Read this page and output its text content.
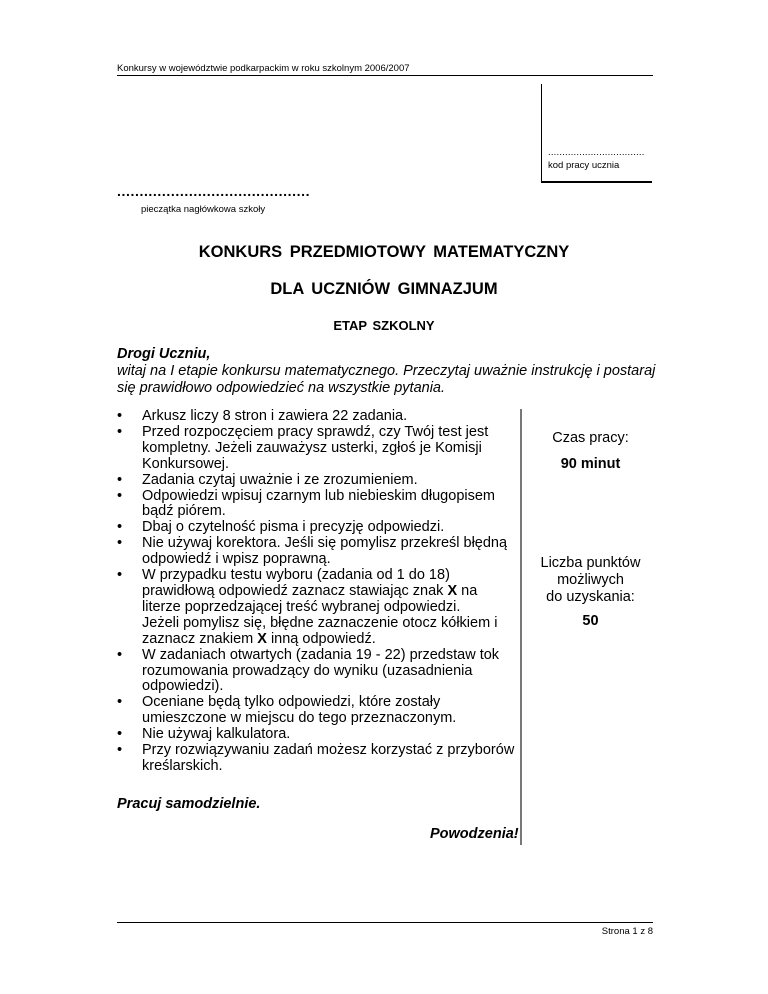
Konkursy w województwie podkarpackim w roku szkolnym 2006/2007
..................................
kod pracy ucznia
...........................................
pieczątka nagłówkowa szkoły
KONKURS PRZEDMIOTOWY MATEMATYCZNY
DLA UCZNIÓW GIMNAZJUM
ETAP SZKOLNY
Drogi Uczniu,
witaj na I etapie konkursu matematycznego. Przeczytaj uważnie instrukcję i postaraj się prawidłowo odpowiedzieć na wszystkie pytania.
• Arkusz liczy 8 stron i zawiera 22 zadania.
• Przed rozpoczęciem pracy sprawdź, czy Twój test jest kompletny. Jeżeli zauważysz usterki, zgłoś je Komisji Konkursowej.
• Zadania czytaj uważnie i ze zrozumieniem.
• Odpowiedzi wpisuj czarnym lub niebieskim długopisem bądź piórem.
• Dbaj o czytelność pisma i precyzję odpowiedzi.
• Nie używaj korektora. Jeśli się pomylisz przekreśl błędną odpowiedź i wpisz poprawną.
• W przypadku testu wyboru (zadania od 1 do 18) prawidłową odpowiedź zaznacz stawiając znak X na literze poprzedzającej treść wybranej odpowiedzi.
Jeżeli pomylisz się, błędne zaznaczenie otocz kółkiem i zaznacz znakiem X inną odpowiedź.
• W zadaniach otwartych (zadania 19 - 22) przedstaw tok rozumowania prowadzący do wyniku (uzasadnienia odpowiedzi).
• Oceniane będą tylko odpowiedzi, które zostały umieszczone w miejscu do tego przeznaczonym.
• Nie używaj kalkulatora.
• Przy rozwiązywaniu zadań możesz korzystać z przyborów kreślarskich.
Czas pracy:
90 minut
Liczba punktów
możliwych
do uzyskania:
50
Pracuj samodzielnie.
Powodzenia!
Strona 1 z 8
